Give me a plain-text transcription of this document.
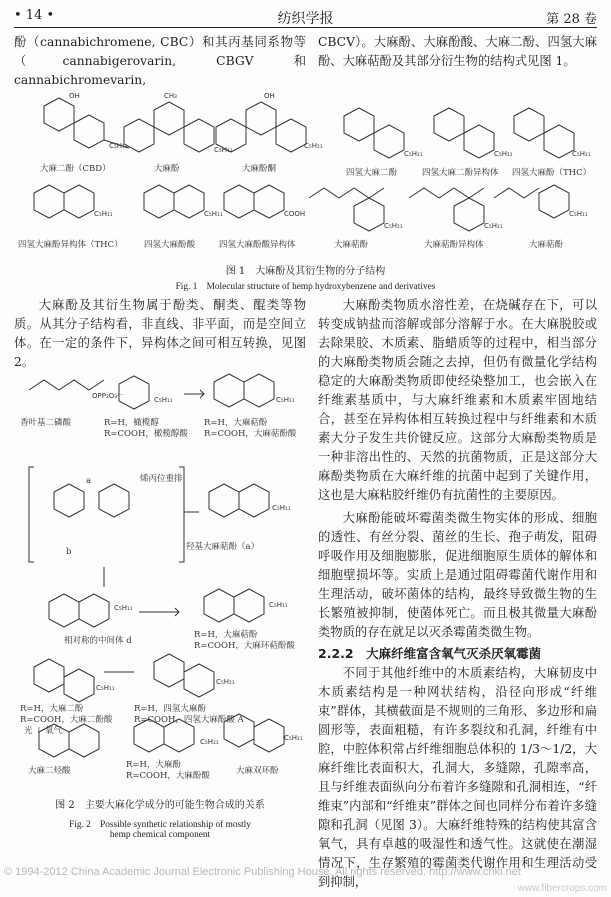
• 14 •	纺织学报	第 28 卷

酚（cannabichromene, CBC）和其丙基同系物等（cannabigerovarin, CBGV 和 cannabichromevarin,

CBCV）。大麻酚、大麻酚酸、大麻二酚、四氢大麻酚、大麻萜酚及其部分衍生物的结构式见图 1。

C₅H₁₁	C₅H₁₁	C₅H₁₁
C₅H₁₁	C₅H₁₁	C₅H₁₁
C₅H₁₁	C₅H₁₁	COOH
C₅H₁₁	C₅H₁₁
C₅H₁₁
OH	CH₃	OH
大麻二酚（CBD）	大麻酚	大麻酚酮	四氢大麻二酚	四氢大麻二酚异构体 四氢大麻酚（THC）
四氢大麻酚异构体（THC）	四氢大麻酚酸	四氢大麻酚酸异构体	大麻萜酚	大麻萜酚异构体	大麻萜酚
图 1　大麻酚及其衍生物的分子结构
Fig. 1　Molecular structure of hemp hydroxybenzene and derivatives

大麻酚及其衍生物属于酚类、酮类、醌类等物质。从其分子结构看，非直线、非平面，而是空间立体。在一定的条件下，异构体之间可相互转换，见图2。

OPP₂O₃³⁻	C₅H₁₁	C₅H₁₁
C₅H₁₁
C₅H₁₁	C₅H₁₁
C₅H₁₁
C₅H₁₁
C₅H₁₁	C₅H₁₁
香叶基二磷酸	R=H，橄榄醇
R=COOH，橄榄醇酸
R=H，大麻萜酚
R=COOH，大麻萜酚酸
烯丙位重排
a
b	羟基大麻萜酚（a）
相对称的中间体 d
R=H，大麻萜酚
R=COOH，大麻环萜酚酸
R=H，大麻二酚
R=COOH，大麻二酚酸
R=H，四氢大麻酚
R=COOH，四氢大麻酚酸 A
光 ↓ 氧气
R=H，大麻酚
R=COOH，大麻酚酸
大麻二烃酸	大麻双环酚
图 2　主要大麻化学成分的可能生物合成的关系
Fig. 2　Possible synthetic relationship of mostly
hemp chemical component

大麻酚类物质水溶性差，在烧碱存在下，可以转变成钠盐而溶解或部分溶解于水。在大麻脱胶或去除果胶、木质素、脂蜡质等的过程中，相当部分的大麻酚类物质会随之去掉，但仍有微量化学结构稳定的大麻酚类物质即使经染整加工，也会嵌入在纤维素基质中，与大麻纤维素和木质素牢固地结合，甚至在异构体相互转换过程中与纤维素和木质素大分子发生共价键反应。这部分大麻酚类物质是一种非溶出性的、天然的抗菌物质，正是这部分大麻酚类物质在大麻纤维的抗菌中起到了关键作用，这也是大麻粘胶纤维仍有抗菌性的主要原因。

大麻酚能破坏霉菌类微生物实体的形成、细胞的透性、有丝分裂、菌丝的生长、孢子萌发，阻碍呼吸作用及细胞膨胀，促进细胞原生质体的解体和细胞壁损坏等。实质上是通过阻碍霉菌代谢作用和生理活动，破坏菌体的结构，最终导致微生物的生长繁殖被抑制，使菌体死亡。而且极其微量大麻酚类物质的存在就足以灭杀霉菌类微生物。

2.2.2　大麻纤维富含氧气灭杀厌氧霉菌

不同于其他纤维中的木质素结构，大麻韧皮中木质素结构是一种网状结构，沿径向形成“纤维束”群体，其横截面是不规则的三角形、多边形和扁圆形等，表面粗糙，有许多裂纹和孔洞，纤维有中腔，中腔体积常占纤维细胞总体积的 1/3～1/2，大麻纤维比表面积大，孔洞大，多缝隙，孔隙率高，且与纤维表面纵向分布着许多缝隙和孔洞相连，“纤维束”内部和“纤维束”群体之间也同样分布着许多缝隙和孔洞（见图 3）。大麻纤维特殊的结构使其富含氧气，具有卓越的吸湿性和透气性。这就使在潮湿情况下，生存繁殖的霉菌类代谢作用和生理活动受到抑制，

© 1994-2012 China Academic Journal Electronic Publishing House. All rights reserved. http://www.cnki.net
www.fibercrops.com
